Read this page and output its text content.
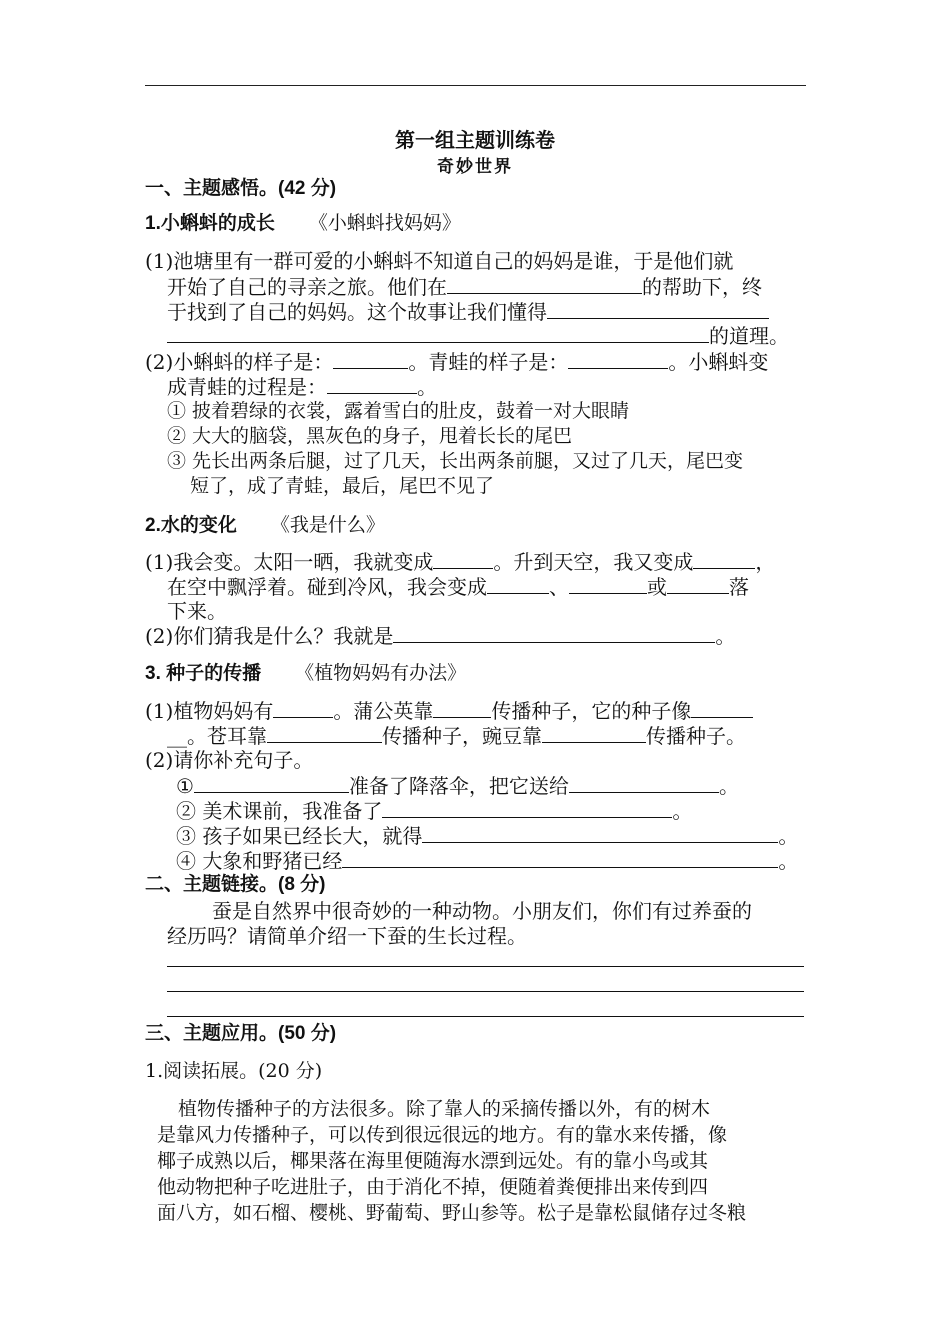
第一组主题训练卷
奇妙世界
一、主题感悟。(42 分)
1.小蝌蚪的成长 《小蝌蚪找妈妈》
(1)池塘里有一群可爱的小蝌蚪不知道自己的妈妈是谁，于是他们就
开始了自己的寻亲之旅。他们在	的帮助下，终
于找到了自己的妈妈。这个故事让我们懂得
的道理。
(2)小蝌蚪的样子是：	。青蛙的样子是：	。小蝌蚪变
成青蛙的过程是：	。
① 披着碧绿的衣裳，露着雪白的肚皮，鼓着一对大眼睛
② 大大的脑袋，黑灰色的身子，甩着长长的尾巴
③ 先长出两条后腿，过了几天，长出两条前腿，又过了几天，尾巴变
短了，成了青蛙，最后，尾巴不见了
2.水的变化 《我是什么》
(1)我会变。太阳一晒，我就变成	。升到天空，我又变成	，
在空中飘浮着。碰到冷风，我会变成	、	或	落
下来。
(2)你们猜我是什么？我就是	。
3. 种子的传播 《植物妈妈有办法》
(1)植物妈妈有	。蒲公英靠	传播种子，它的种子像
__。苍耳靠	传播种子，豌豆靠	传播种子。
(2)请你补充句子。
①	准备了降落伞，把它送给	。
② 美术课前，我准备了	。
③ 孩子如果已经长大，就得	。
④ 大象和野猪已经	。
二、主题链接。(8 分)
蚕是自然界中很奇妙的一种动物。小朋友们，你们有过养蚕的
经历吗？请简单介绍一下蚕的生长过程。
三、主题应用。(50 分)
1.阅读拓展。(20 分)
植物传播种子的方法很多。除了靠人的采摘传播以外，有的树木
是靠风力传播种子，可以传到很远很远的地方。有的靠水来传播，像
椰子成熟以后，椰果落在海里便随海水漂到远处。有的靠小鸟或其
他动物把种子吃进肚子，由于消化不掉，便随着粪便排出来传到四
面八方，如石榴、樱桃、野葡萄、野山参等。松子是靠松鼠储存过冬粮
